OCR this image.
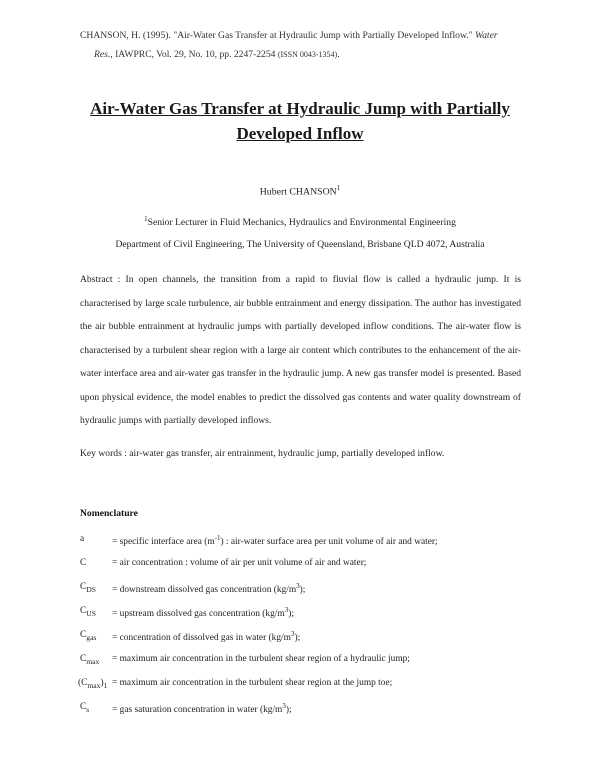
CHANSON, H. (1995). "Air-Water Gas Transfer at Hydraulic Jump with Partially Developed Inflow." Water
Res., IAWPRC, Vol. 29, No. 10, pp. 2247-2254 (ISSN 0043-1354).
Air-Water Gas Transfer at Hydraulic Jump with Partially
Developed Inflow
Hubert CHANSON$^1$
$^1$Senior Lecturer in Fluid Mechanics, Hydraulics and Environmental Engineering
Department of Civil Engineering, The University of Queensland, Brisbane QLD 4072, Australia
Abstract : In open channels, the transition from a rapid to fluvial flow is called a hydraulic jump. It is characterised by large scale turbulence, air bubble entrainment and energy dissipation. The author has investigated the air bubble entrainment at hydraulic jumps with partially developed inflow conditions. The air-water flow is characterised by a turbulent shear region with a large air content which contributes to the enhancement of the air-water interface area and air-water gas transfer in the hydraulic jump. A new gas transfer model is presented. Based upon physical evidence, the model enables to predict the dissolved gas contents and water quality downstream of hydraulic jumps with partially developed inflows.
Key words : air-water gas transfer, air entrainment, hydraulic jump, partially developed inflow.
Nomenclature
a	= specific interface area $(m^{-1})$ : air-water surface area per unit volume of air and water;
C	= air concentration : volume of air per unit volume of air and water;
$C_{DS}$	= downstream dissolved gas concentration $(kg/m^3)$;
$C_{US}$	= upstream dissolved gas concentration $(kg/m^3)$;
$C_{gas}$	= concentration of dissolved gas in water $(kg/m^3)$;
$C_{max}$	= maximum air concentration in the turbulent shear region of a hydraulic jump;
$(C_{max})_1$ = maximum air concentration in the turbulent shear region at the jump toe;
$C_s$	= gas saturation concentration in water $(kg/m^3)$;
